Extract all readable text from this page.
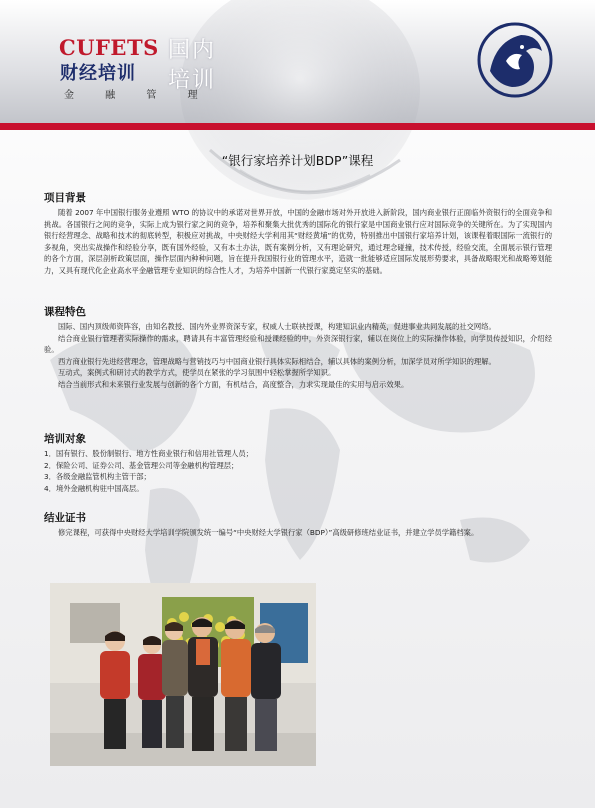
CUFETS
财经培训
金 融 管 理
国内培训
“银行家培养计划BDP”课程
项目背景

随着 2007 年中国银行服务业遵照 WTO 的协议中的承诺对世界开放，中国的金融市场对外开放进入新阶段，国内商业银行正面临外资银行的全面竞争和挑战。各国银行之间的竞争，实际上成为银行家之间的竞争，培养和聚集大批优秀的国际化的银行家是中国商业银行应对国际竞争的关键所在。为了实现国内银行经营理念、战略和技术的彻底转型，积极应对挑战，中央财经大学利用其“财经黄埔”的优势，特别推出中国银行家培养计划，该课程着眼国际一流银行的多视角，突出实战操作和经验分享，既有国外经验，又有本土办法，既有案例分析，又有理论研究，通过理念碰撞，技术传授，经验交流，全面展示银行管理的各个方面，深层剖析政策层面，操作层面内种种问题，旨在提升我国银行业的管理水平，造就一批能够适应国际发展形势要求，具备战略眼光和战略筹划能力，又具有现代化企业高水平金融管理专业知识的综合性人才，为培养中国新一代银行家奠定坚实的基础。

课程特色

国际、国内顶级师资阵容，由知名教授、国内外业界资深专家，权威人士联袂授课，构建知识业内精英，促进事业共同发展的社交网络。

结合商业银行管理者实际操作的需求，聘请具有丰富管理经验和授课经验的中，外资深银行家，辅以在岗位上的实际操作体验，向学员传授知识，介绍经验。

西方商业银行先进经营理念，管理战略与营销技巧与中国商业银行具体实际相结合，辅以具体的案例分析，加深学员对所学知识的理解。

互动式，案例式和研讨式的教学方式，使学员在紧张的学习氛围中轻松掌握所学知识。

结合当前形式和未来银行业发展与创新的各个方面，有机结合，高度整合，力求实现最佳的实用与启示效果。

培训对象
1．国有银行、股份制银行、地方性商业银行和信用社管理人员；
2．保险公司、证券公司、基金管理公司等金融机构管理层；
3．各级金融监管机构主管干部；
4．境外金融机构驻中国高层。
结业证书

修完课程，可获得中央财经大学培训学院颁发统一编号“中央财经大学银行家（BDP）”高级研修班结业证书，并建立学员学籍档案。
